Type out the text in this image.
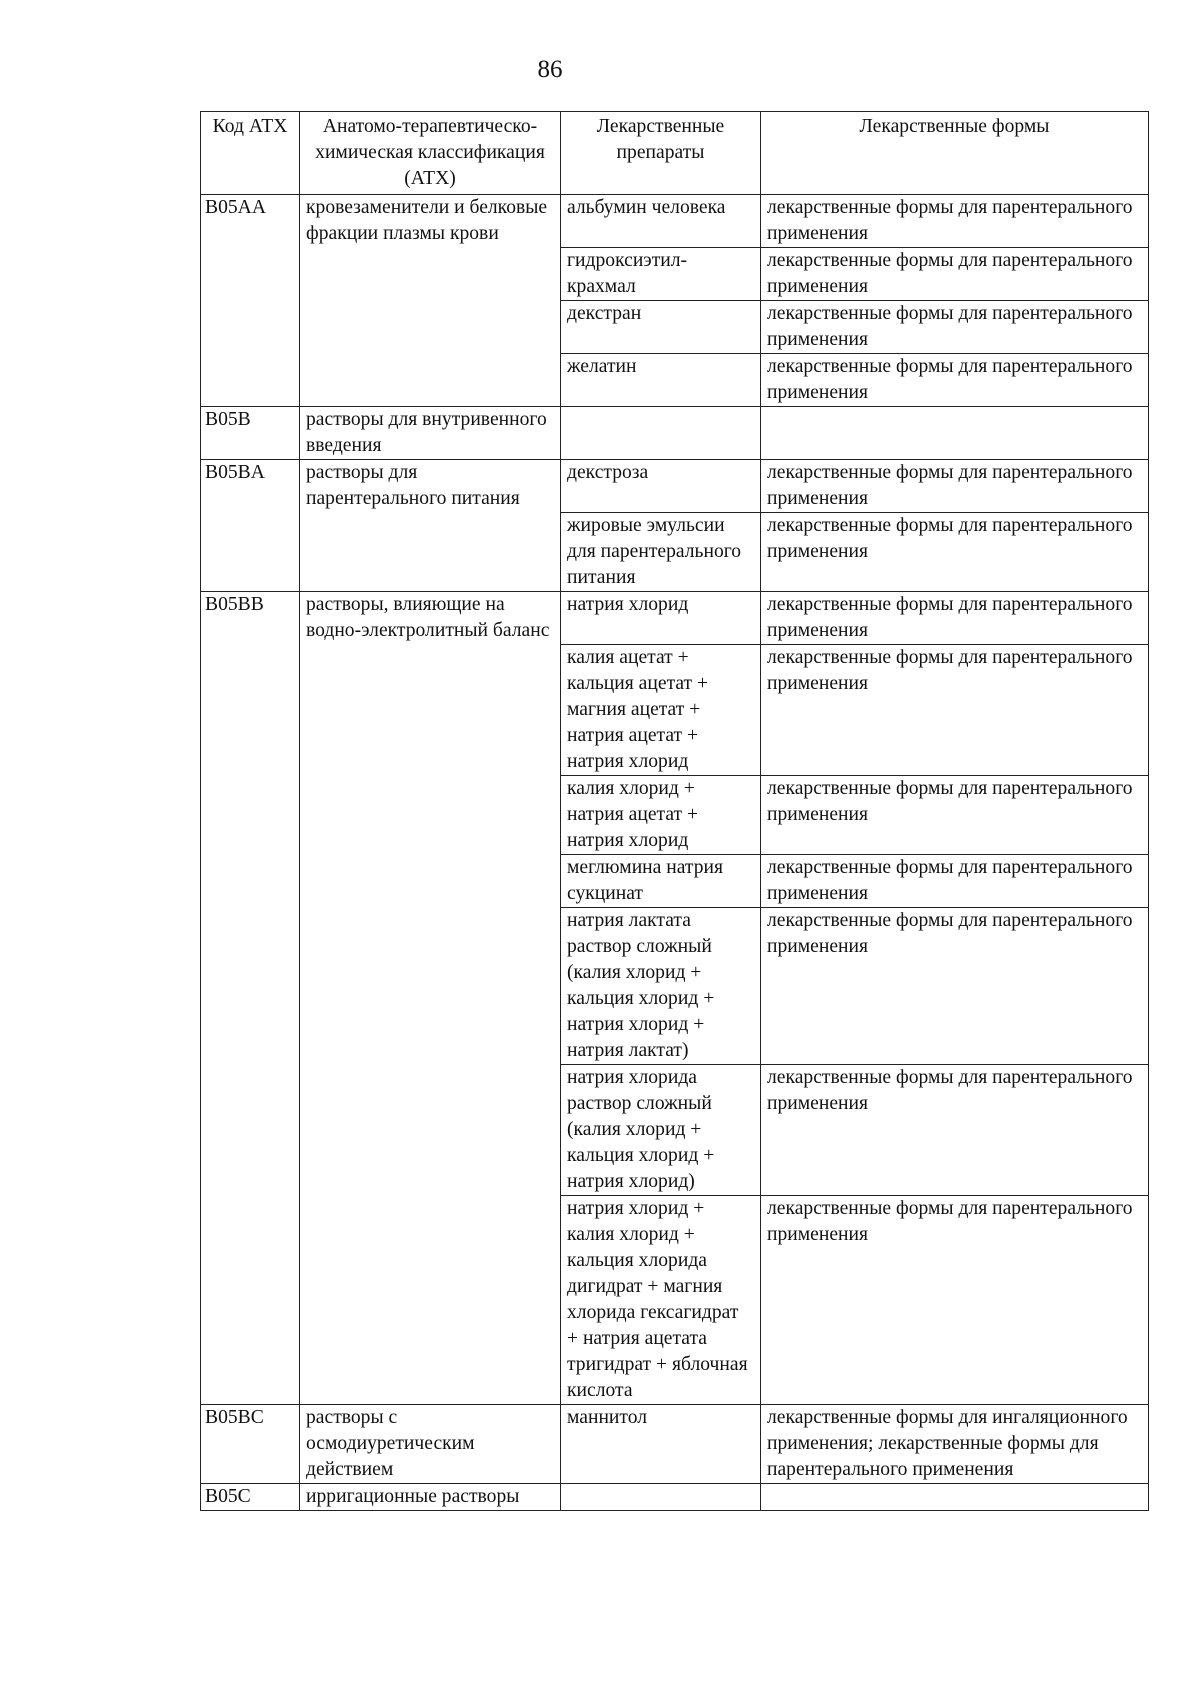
86
Код АТХ	Анатомо-терапевтическо-химическая классификация (АТХ)	Лекарственные препараты	Лекарственные формы
B05AA	кровезаменители и белковые фракции плазмы крови	альбумин человека	лекарственные формы для парентерального применения
		гидроксиэтил-крахмал	лекарственные формы для парентерального применения
		декстран	лекарственные формы для парентерального применения
		желатин	лекарственные формы для парентерального применения
B05B	растворы для внутривенного введения		
B05BA	растворы для парентерального питания	декстроза	лекарственные формы для парентерального применения
		жировые эмульсии для парентерального питания	лекарственные формы для парентерального применения
B05BB	растворы, влияющие на водно-электролитный баланс	натрия хлорид	лекарственные формы для парентерального применения
		калия ацетат + кальция ацетат + магния ацетат + натрия ацетат + натрия хлорид	лекарственные формы для парентерального применения
		калия хлорид + натрия ацетат + натрия хлорид	лекарственные формы для парентерального применения
		меглюмина натрия сукцинат	лекарственные формы для парентерального применения
		натрия лактата раствор сложный (калия хлорид + кальция хлорид + натрия хлорид + натрия лактат)	лекарственные формы для парентерального применения
		натрия хлорида раствор сложный (калия хлорид + кальция хлорид + натрия хлорид)	лекарственные формы для парентерального применения
		натрия хлорид + калия хлорид + кальция хлорида дигидрат + магния хлорида гексагидрат + натрия ацетата тригидрат + яблочная кислота	лекарственные формы для парентерального применения
B05BC	растворы с осмодиуретическим действием	маннитол	лекарственные формы для ингаляционного применения; лекарственные формы для парентерального применения
B05C	ирригационные растворы		
